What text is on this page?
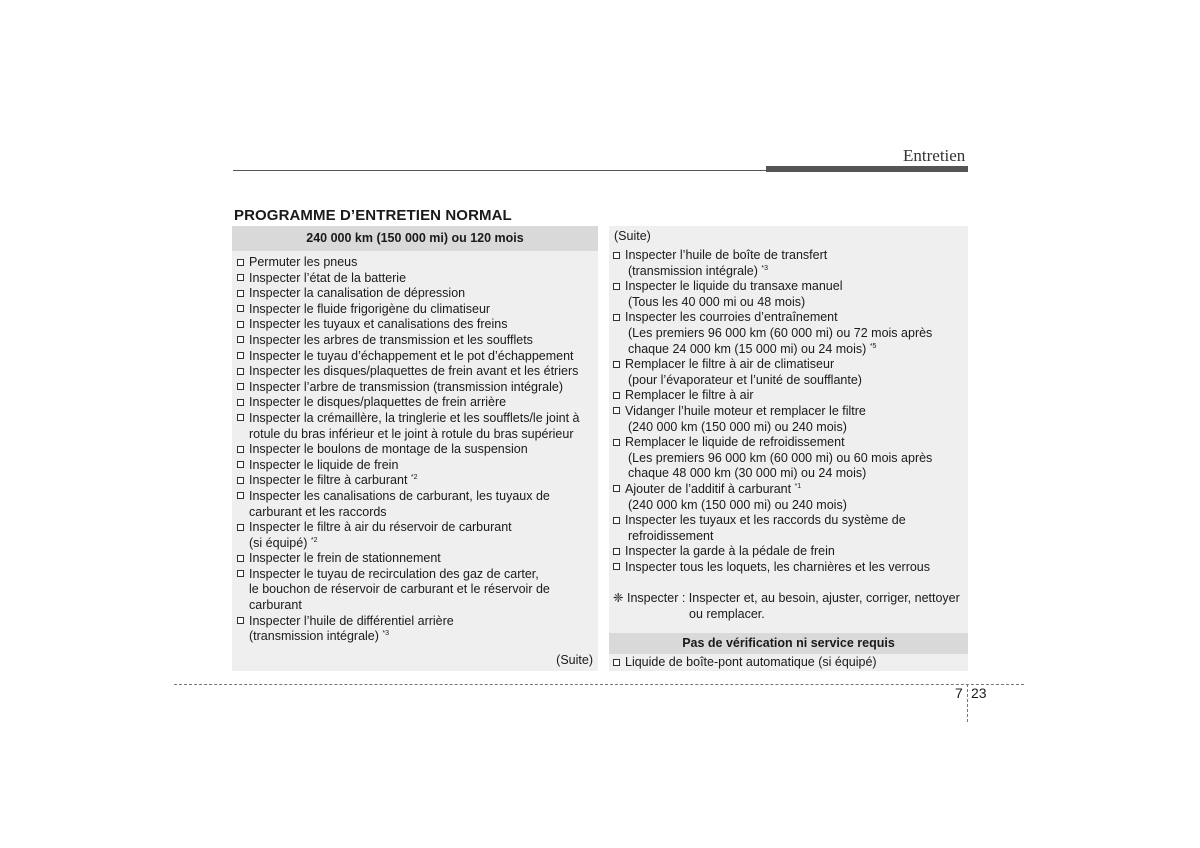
Entretien
PROGRAMME D’ENTRETIEN NORMAL
240 000 km (150 000 mi) ou 120 mois
Permuter les pneus
Inspecter l’état de la batterie
Inspecter la canalisation de dépression
Inspecter le fluide frigorigène du climatiseur
Inspecter les tuyaux et canalisations des freins
Inspecter les arbres de transmission et les soufflets
Inspecter le tuyau d’échappement et le pot d’échappement
Inspecter les disques/plaquettes de frein avant et les étriers
Inspecter l’arbre de transmission (transmission intégrale)
Inspecter le disques/plaquettes de frein arrière
Inspecter la crémaillère, la tringlerie et les soufflets/le joint à
rotule du bras inférieur et le joint à rotule du bras supérieur
Inspecter le boulons de montage de la suspension
Inspecter le liquide de frein
Inspecter le filtre à carburant $^{*2}$
Inspecter les canalisations de carburant, les tuyaux de
carburant et les raccords
Inspecter le filtre à air du réservoir de carburant
(si équipé) $^{*2}$
Inspecter le frein de stationnement
Inspecter le tuyau de recirculation des gaz de carter,
le bouchon de réservoir de carburant et le réservoir de
carburant
Inspecter l’huile de différentiel arrière
(transmission intégrale) $^{*3}$
(Suite)
(Suite)
Inspecter l’huile de boîte de transfert
(transmission intégrale) $^{*3}$
Inspecter le liquide du transaxe manuel
(Tous les 40 000 mi ou 48 mois)
Inspecter les courroies d’entraînement
(Les premiers 96 000 km (60 000 mi) ou 72 mois après
chaque 24 000 km (15 000 mi) ou 24 mois) $^{*5}$
Remplacer le filtre à air de climatiseur
(pour l’évaporateur et l’unité de soufflante)
Remplacer le filtre à air
Vidanger l’huile moteur et remplacer le filtre
(240 000 km (150 000 mi) ou 240 mois)
Remplacer le liquide de refroidissement
(Les premiers 96 000 km (60 000 mi) ou 60 mois après
chaque 48 000 km (30 000 mi) ou 24 mois)
Ajouter de l’additif à carburant $^{*1}$
(240 000 km (150 000 mi) ou 240 mois)
Inspecter les tuyaux et les raccords du système de
refroidissement
Inspecter la garde à la pédale de frein
Inspecter tous les loquets, les charnières et les verrous
❈ Inspecter : Inspecter et, au besoin, ajuster, corriger, nettoyer
ou remplacer.
Pas de vérification ni service requis
Liquide de boîte-pont automatique (si équipé)
7 23
